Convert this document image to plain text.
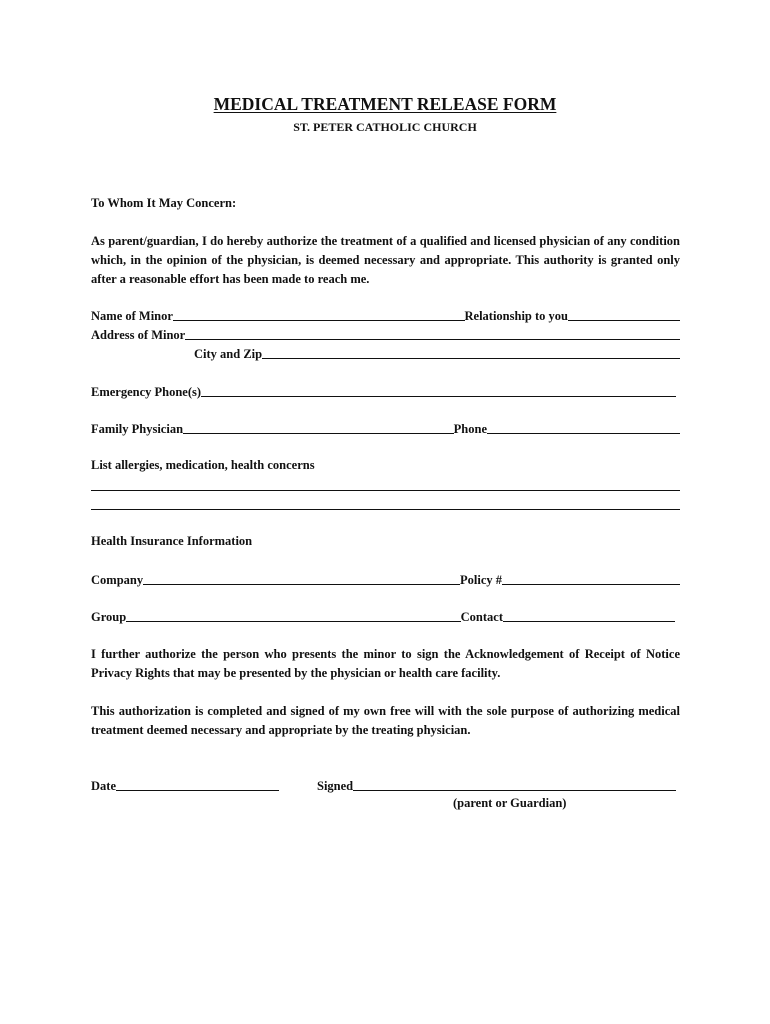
MEDICAL TREATMENT RELEASE FORM
ST. PETER CATHOLIC CHURCH
To Whom It May Concern:
As parent/guardian, I do hereby authorize the treatment of a qualified and licensed physician of any condition which, in the opinion of the physician, is deemed necessary and appropriate. This authority is granted only after a reasonable effort has been made to reach me.
Name of Minor	Relationship to you
Address of Minor
City and Zip
Emergency Phone(s)
Family Physician	Phone
List allergies, medication, health concerns
Health Insurance Information
Company	Policy #
Group	Contact
I further authorize the person who presents the minor to sign the Acknowledgement of Receipt of Notice Privacy Rights that may be presented by the physician or health care facility.
This authorization is completed and signed of my own free will with the sole purpose of authorizing medical treatment deemed necessary and appropriate by the treating physician.
Date	Signed
(parent or Guardian)
